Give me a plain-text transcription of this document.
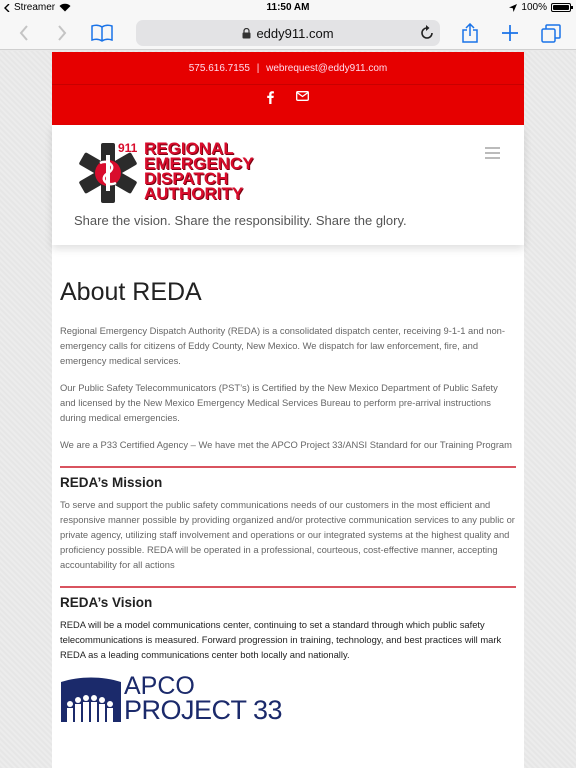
Streamer	11:50 AM	100%
eddy911.com
575.616.7155 | webrequest@eddy911.com
911 REGIONAL
EMERGENCY
DISPATCH
AUTHORITY
Share the vision. Share the responsibility. Share the glory.
About REDA

Regional Emergency Dispatch Authority (REDA) is a consolidated dispatch center, receiving 9-1-1 and non-emergency calls for citizens of Eddy County, New Mexico. We dispatch for law enforcement, fire, and emergency medical services.

Our Public Safety Telecommunicators (PST’s) is Certified by the New Mexico Department of Public Safety and licensed by the New Mexico Emergency Medical Services Bureau to perform pre-arrival instructions during medical emergencies.

We are a P33 Certified Agency – We have met the APCO Project 33/ANSI Standard for our Training Program

REDA’s Mission

To serve and support the public safety communications needs of our customers in the most efficient and responsive manner possible by providing organized and/or protective communication services to any public or private agency, utilizing staff involvement and operations or our integrated systems at the highest quality and proficiency possible. REDA will be operated in a professional, courteous, cost-effective manner, accepting accountability for all actions

REDA’s Vision

REDA will be a model communications center, continuing to set a standard through which public safety telecommunications is measured. Forward progression in training, technology, and best practices will mark REDA as a leading communications center both locally and nationally.

APCO
PROJECT 33
